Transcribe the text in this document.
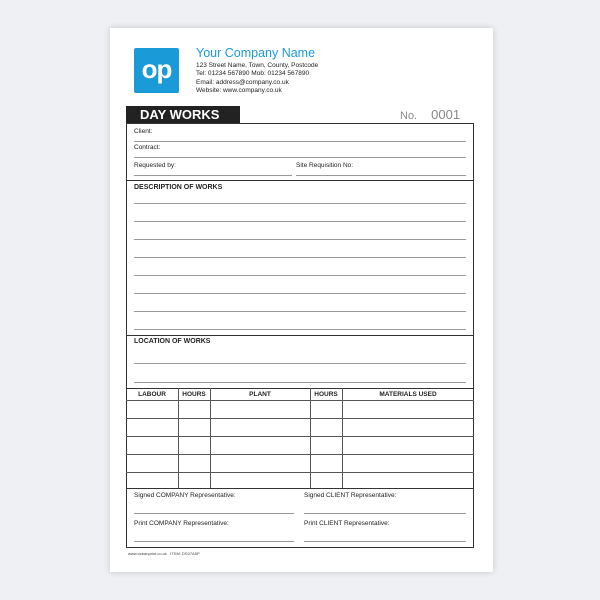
op
Your Company Name
123 Street Name, Town, County, Postcode
Tel: 01234 567890 Mob: 01234 567890
Email: address@company.co.uk
Website: www.company.co.uk
DAY WORKS	No. 0001
Client:
Contract:
Requested by:	Site Requisition No:
DESCRIPTION OF WORKS
LOCATION OF WORKS
LABOUR	HOURS	PLANT	HOURS	MATERIALS USED
Signed COMPANY Representative:	Signed CLIENT Representative:
Print COMPANY Representative:	Print CLIENT Representative:
www.oceanprint.co.uk ITEM: DS07A5P
